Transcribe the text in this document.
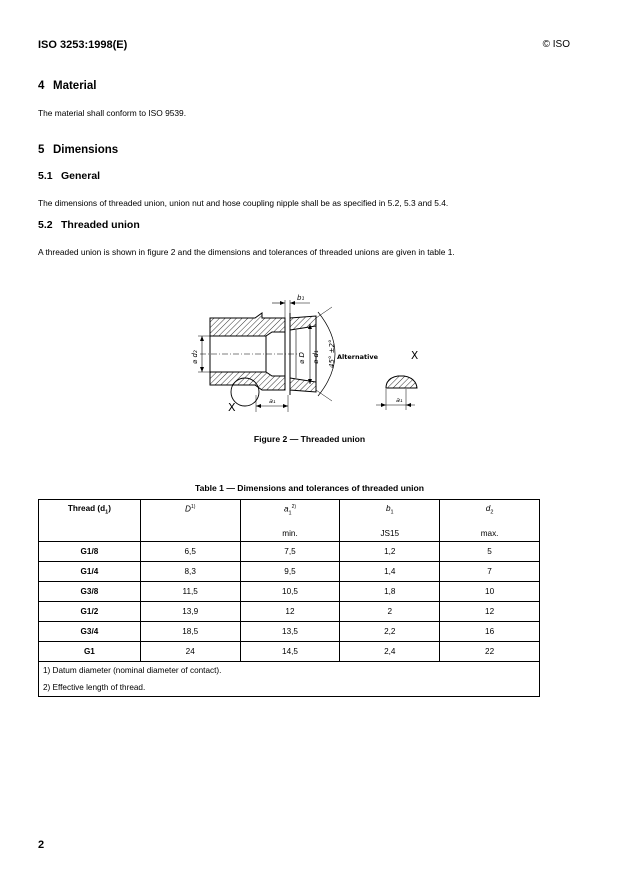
ISO 3253:1998(E)	© ISO
4 Material
The material shall conform to ISO 9539.
5 Dimensions
5.1 General
The dimensions of threaded union, union nut and hose coupling nipple shall be as specified in 5.2, 5.3 and 5.4.
5.2 Threaded union
A threaded union is shown in figure 2 and the dimensions and tolerances of threaded unions are given in table 1.
b₁
⌀ d₂	⌀ D ⌀ d₁ 45° ±2°
X	a₁
Alternative	X
a₁
Figure 2 — Threaded union
Table 1 — Dimensions and tolerances of threaded union
Thread $(d_1)$	$D^{1)}$	$a_1^{2)}$	$b_1$	$d_2$
		min.	JS15	max.
G1/8	6,5	7,5	1,2	5
G1/4	8,3	9,5	1,4	7
G3/8	11,5	10,5	1,8	10
G1/2	13,9	12	2	12
G3/4	18,5	13,5	2,2	16
G1	24	14,5	2,4	22
1) Datum diameter (nominal diameter of contact).				
2) Effective length of thread.				
2
